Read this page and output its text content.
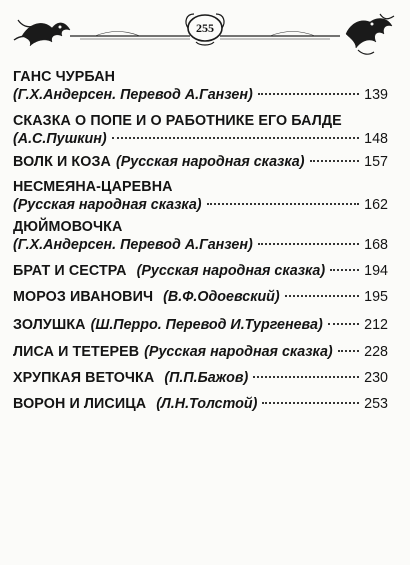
255
ГАНС ЧУРБАН
(Г.Х.Андерсен. Перевод А.Ганзен)	139
СКАЗКА О ПОПЕ И О РАБОТНИКЕ ЕГО БАЛДЕ
(А.С.Пушкин)	148
ВОЛК И КОЗА (Русская народная сказка)	157
НЕСМЕЯНА-ЦАРЕВНА
(Русская народная сказка)	162
ДЮЙМОВОЧКА
(Г.Х.Андерсен. Перевод А.Ганзен)	168
БРАТ И СЕСТРА (Русская народная сказка)	194
МОРОЗ ИВАНОВИЧ (В.Ф.Одоевский)	195
ЗОЛУШКА (Ш.Перро. Перевод И.Тургенева)	212
ЛИСА И ТЕТЕРЕВ (Русская народная сказка) 228
ХРУПКАЯ ВЕТОЧКА (П.П.Бажов)	230
ВОРОН И ЛИСИЦА (Л.Н.Толстой)	253
